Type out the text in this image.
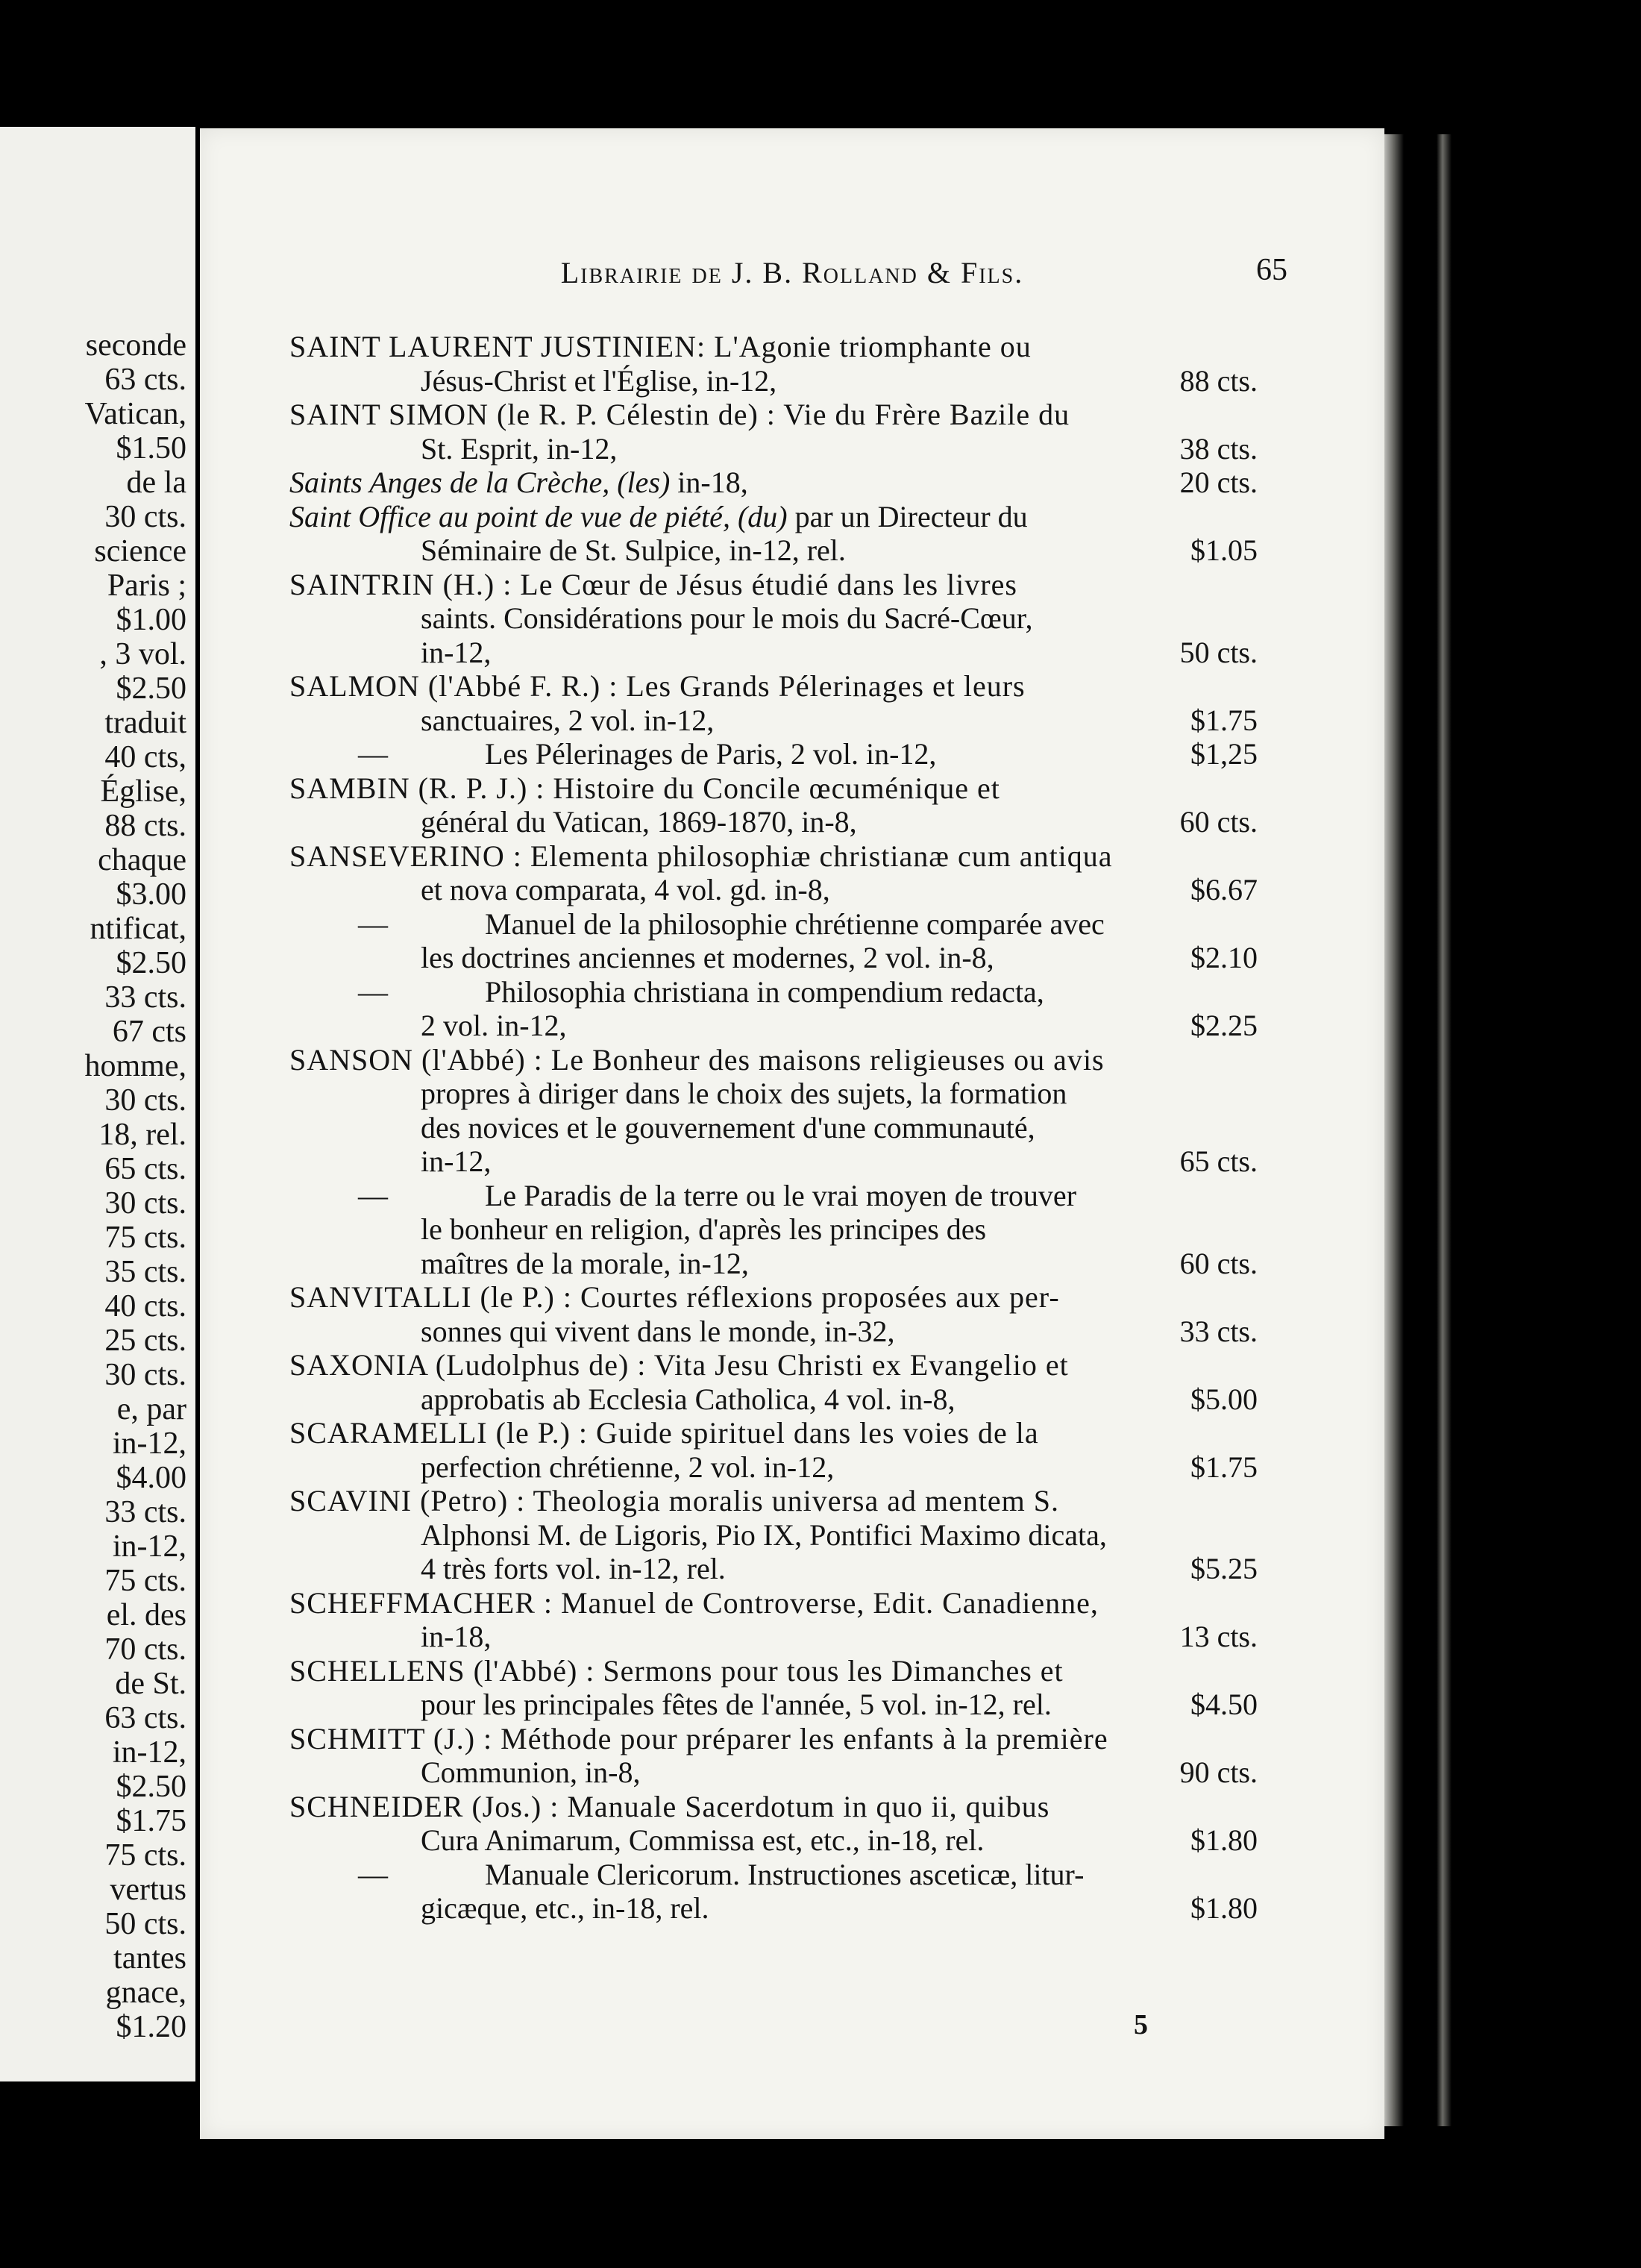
seconde
63 cts.
Vatican,
$1.50
de la
30 cts.
science
Paris ;
$1.00
, 3 vol.
$2.50
traduit
40 cts,
Église,
88 cts.
chaque
$3.00
ntificat,
$2.50
33 cts.
67 cts
homme,
30 cts.
18, rel.
65 cts.
30 cts.
75 cts.
35 cts.
40 cts.
25 cts.
30 cts.
e, par
in-12,
$4.00
33 cts.
in-12,
75 cts.
el. des
70 cts.
de St.
63 cts.
in-12,
$2.50
$1.75
75 cts.
vertus
50 cts.
tantes
gnace,
$1.20
Librairie de J. B. Rolland & Fils.	65
SAINT LAURENT JUSTINIEN: L'Agonie triomphante ou
Jésus-Christ et l'Église, in-12,	88 cts.
SAINT SIMON (le R. P. Célestin de) : Vie du Frère Bazile du
St. Esprit, in-12,	38 cts.
Saints Anges de la Crèche, (les) in-18,	20 cts.
Saint Office au point de vue de piété, (du) par un Directeur du
Séminaire de St. Sulpice, in-12, rel.	$1.05
SAINTRIN (H.) : Le Cœur de Jésus étudié dans les livres
saints. Considérations pour le mois du Sacré-Cœur,
in-12,	50 cts.
SALMON (l'Abbé F. R.) : Les Grands Pélerinages et leurs
sanctuaires, 2 vol. in-12,	$1.75
—	Les Pélerinages de Paris, 2 vol. in-12,	$1,25
SAMBIN (R. P. J.) : Histoire du Concile œcuménique et
général du Vatican, 1869-1870, in-8,	60 cts.
SANSEVERINO : Elementa philosophiæ christianæ cum antiqua
et nova comparata, 4 vol. gd. in-8,	$6.67
—	Manuel de la philosophie chrétienne comparée avec
les doctrines anciennes et modernes, 2 vol. in-8,	$2.10
—	Philosophia christiana in compendium redacta,
2 vol. in-12,	$2.25
SANSON (l'Abbé) : Le Bonheur des maisons religieuses ou avis
propres à diriger dans le choix des sujets, la formation
des novices et le gouvernement d'une communauté,
in-12,	65 cts.
—	Le Paradis de la terre ou le vrai moyen de trouver
le bonheur en religion, d'après les principes des
maîtres de la morale, in-12,	60 cts.
SANVITALLI (le P.) : Courtes réflexions proposées aux per-
sonnes qui vivent dans le monde, in-32,	33 cts.
SAXONIA (Ludolphus de) : Vita Jesu Christi ex Evangelio et
approbatis ab Ecclesia Catholica, 4 vol. in-8,	$5.00
SCARAMELLI (le P.) : Guide spirituel dans les voies de la
perfection chrétienne, 2 vol. in-12,	$1.75
SCAVINI (Petro) : Theologia moralis universa ad mentem S.
Alphonsi M. de Ligoris, Pio IX, Pontifici Maximo dicata,
4 très forts vol. in-12, rel.	$5.25
SCHEFFMACHER : Manuel de Controverse, Edit. Canadienne,
in-18,	13 cts.
SCHELLENS (l'Abbé) : Sermons pour tous les Dimanches et
pour les principales fêtes de l'année, 5 vol. in-12, rel.	$4.50
SCHMITT (J.) : Méthode pour préparer les enfants à la première
Communion, in-8,	90 cts.
SCHNEIDER (Jos.) : Manuale Sacerdotum in quo ii, quibus
Cura Animarum, Commissa est, etc., in-18, rel.	$1.80
—	Manuale Clericorum. Instructiones asceticæ, litur-
gicæque, etc., in-18, rel.	$1.80
5
